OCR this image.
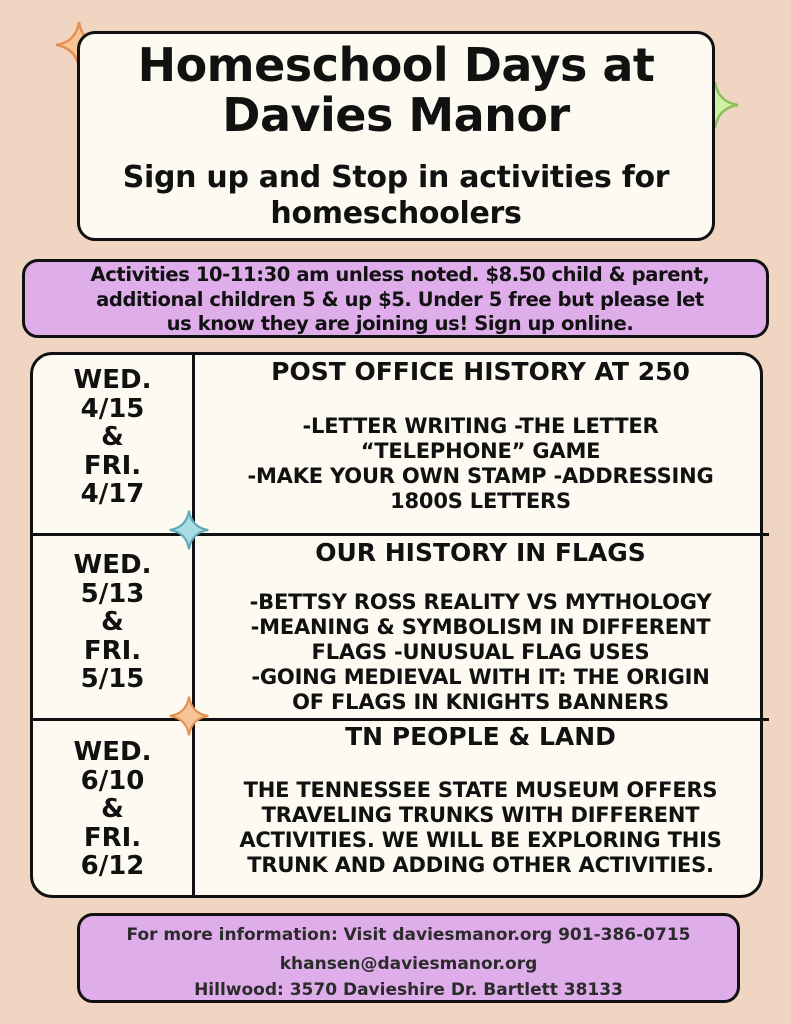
Homeschool Days at
Davies Manor
Sign up and Stop in activities for
homeschoolers

Activities 10-11:30 am unless noted. $8.50 child & parent,
additional children 5 & up $5. Under 5 free but please let
us know they are joining us! Sign up online.

WED.
4/15
&
FRI.
4/17

POST OFFICE HISTORY AT 250

-LETTER WRITING -THE LETTER
“TELEPHONE” GAME
-MAKE YOUR OWN STAMP -ADDRESSING
1800S LETTERS

WED.
5/13
&
FRI.
5/15

OUR HISTORY IN FLAGS

-BETTSY ROSS REALITY VS MYTHOLOGY
-MEANING & SYMBOLISM IN DIFFERENT
FLAGS -UNUSUAL FLAG USES
-GOING MEDIEVAL WITH IT: THE ORIGIN
OF FLAGS IN KNIGHTS BANNERS

WED.
6/10
&
FRI.
6/12

TN PEOPLE & LAND

THE TENNESSEE STATE MUSEUM OFFERS
TRAVELING TRUNKS WITH DIFFERENT
ACTIVITIES. WE WILL BE EXPLORING THIS
TRUNK AND ADDING OTHER ACTIVITIES.

For more information: Visit daviesmanor.org 901-386-0715

khansen@daviesmanor.org

Hillwood: 3570 Davieshire Dr. Bartlett 38133
